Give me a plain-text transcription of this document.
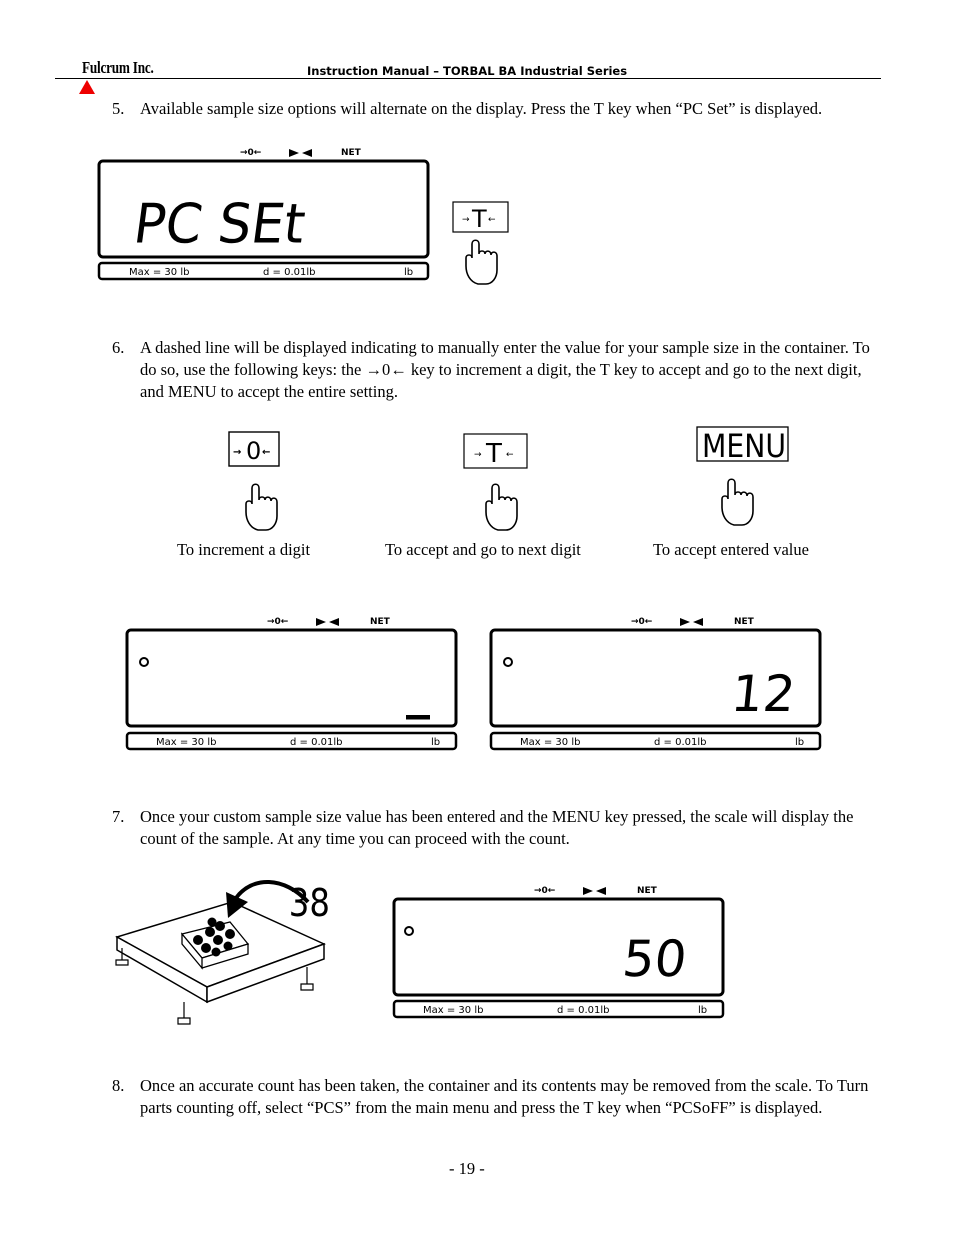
Fulcrum Inc.	Instruction Manual – TORBAL BA Industrial Series
5. Available sample size options will alternate on the display. Press the T key when “PC Set” is displayed.

→0←	NET
PC SEt
Max = 30 lb	d = 0.01lb	lb
→ T ←
6. A dashed line will be displayed indicating to manually enter the value for your sample size in the container. To do so, use the following keys: the →0← key to increment a digit, the T key to accept and go to the next digit, and MENU to accept the entire setting.

→ 0 ←	→ T ←	MENU
To increment a digit	To accept and go to next digit	To accept entered value
→0←	NET
_
Max = 30 lb	d = 0.01lb	lb
→0←	NET
12
Max = 30 lb	d = 0.01lb	lb
7. Once your custom sample size value has been entered and the MENU key pressed, the scale will display the count of the sample. At any time you can proceed with the count.

38	→0←	NET
50
Max = 30 lb	d = 0.01lb	lb
8. Once an accurate count has been taken, the container and its contents may be removed from the scale. To Turn parts counting off, select “PCS” from the main menu and press the T key when “PCSoFF” is displayed.

- 19 -
